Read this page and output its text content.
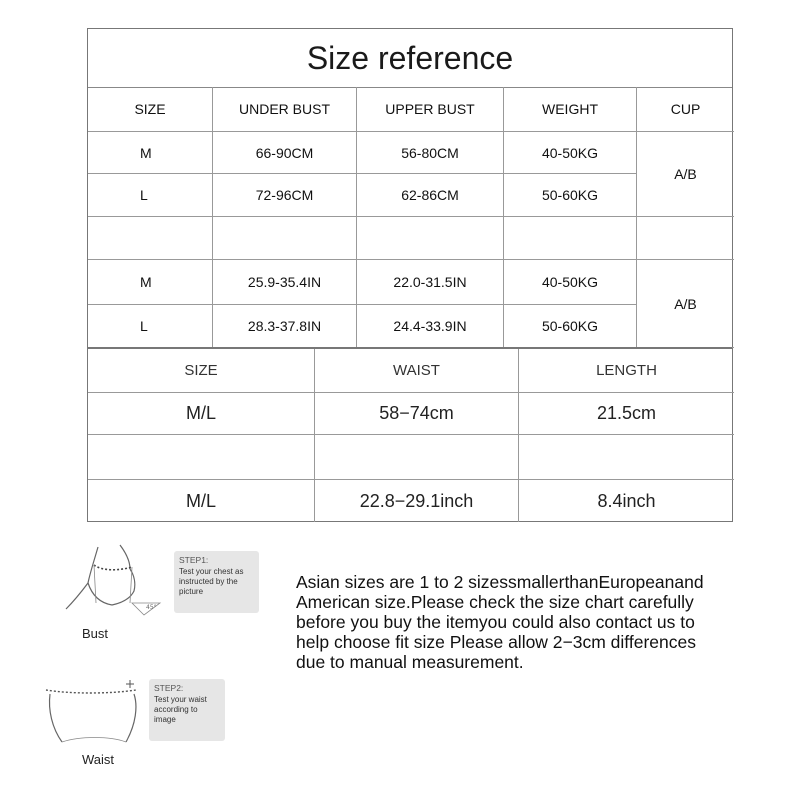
Size reference
SIZE	UNDER BUST	UPPER BUST	WEIGHT	CUP
M	66-90CM	56-80CM	40-50KG
L	72-96CM	62-86CM	50-60KG
A/B
M	25.9-35.4IN	22.0-31.5IN	40-50KG
L	28.3-37.8IN	24.4-33.9IN	50-60KG
A/B
SIZE	WAIST	LENGTH
M/L	58−74cm	21.5cm
M/L	22.8−29.1inch	8.4inch
45°
Bust
STEP1:
Test your chest as instructed by the picture
Waist
STEP2:
Test your waist according to image
Asian sizes are 1 to 2 sizessmallerthanEuropeanand
American size.Please check the size chart carefully
before you buy the itemyou could also contact us to
help choose fit size Please allow 2−3cm differences
due to manual measurement.
